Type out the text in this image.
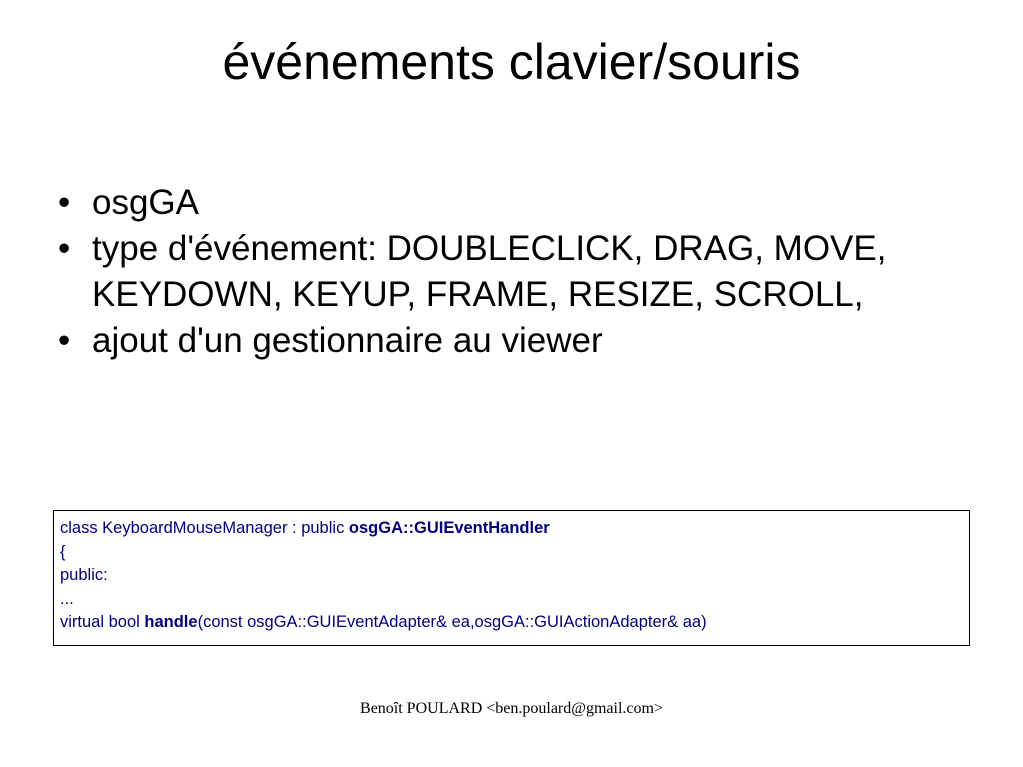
événements clavier/souris
• osgGA
• type d'événement: DOUBLECLICK, DRAG, MOVE, KEYDOWN, KEYUP, FRAME, RESIZE, SCROLL,
• ajout d'un gestionnaire au viewer
class KeyboardMouseManager : public osgGA::GUIEventHandler
{
public:
...
virtual bool handle(const osgGA::GUIEventAdapter& ea,osgGA::GUIActionAdapter& aa)
Benoît POULARD <ben.poulard@gmail.com>
